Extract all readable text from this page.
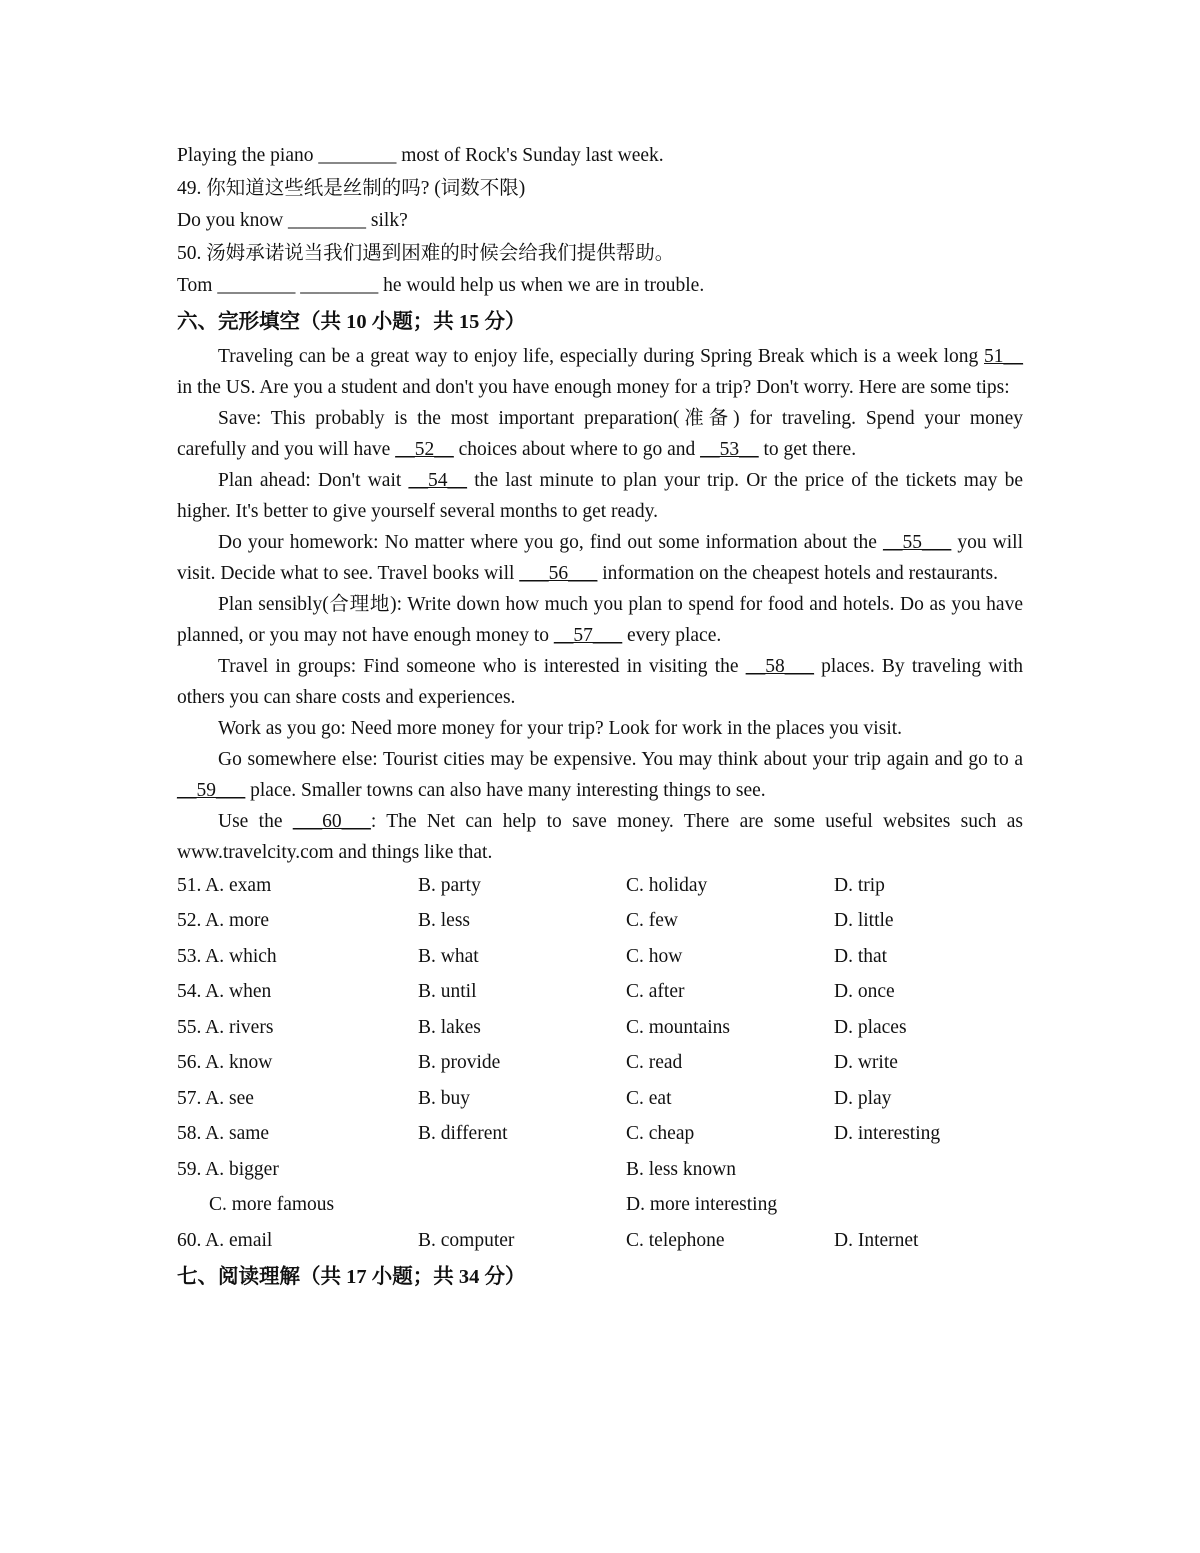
Playing the piano ________ most of Rock's Sunday last week.
49. 你知道这些纸是丝制的吗? (词数不限)
Do you know ________ silk?
50. 汤姆承诺说当我们遇到困难的时候会给我们提供帮助。
Tom ________ ________ he would help us when we are in trouble.
六、完形填空（共 10 小题；共 15 分）

Traveling can be a great way to enjoy life, especially during Spring Break which is a week long 51__ in the US. Are you a student and don't you have enough money for a trip? Don't worry. Here are some tips:

Save: This probably is the most important preparation(准备) for traveling. Spend your money carefully and you will have __52__ choices about where to go and __53__ to get there.

Plan ahead: Don't wait __54__ the last minute to plan your trip. Or the price of the tickets may be higher. It's better to give yourself several months to get ready.

Do your homework: No matter where you go, find out some information about the __55___ you will visit. Decide what to see. Travel books will ___56___ information on the cheapest hotels and restaurants.

Plan sensibly(合理地): Write down how much you plan to spend for food and hotels. Do as you have planned, or you may not have enough money to __57___ every place.

Travel in groups: Find someone who is interested in visiting the __58___ places. By traveling with others you can share costs and experiences.

Work as you go: Need more money for your trip? Look for work in the places you visit.

Go somewhere else: Tourist cities may be expensive. You may think about your trip again and go to a __59___ place. Smaller towns can also have many interesting things to see.

Use the ___60___: The Net can help to save money. There are some useful websites such as www.travelcity.com and things like that.

51. A. exam	B. party	C. holiday	D. trip
52. A. more	B. less	C. few	D. little
53. A. which	B. what	C. how	D. that
54. A. when	B. until	C. after	D. once
55. A. rivers	B. lakes	C. mountains	D. places
56. A. know	B. provide	C. read	D. write
57. A. see	B. buy	C. eat	D. play
58. A. same	B. different	C. cheap	D. interesting
59. A. bigger	B. less known
C. more famous	D. more interesting
60. A. email	B. computer	C. telephone	D. Internet
七、阅读理解（共 17 小题；共 34 分）
